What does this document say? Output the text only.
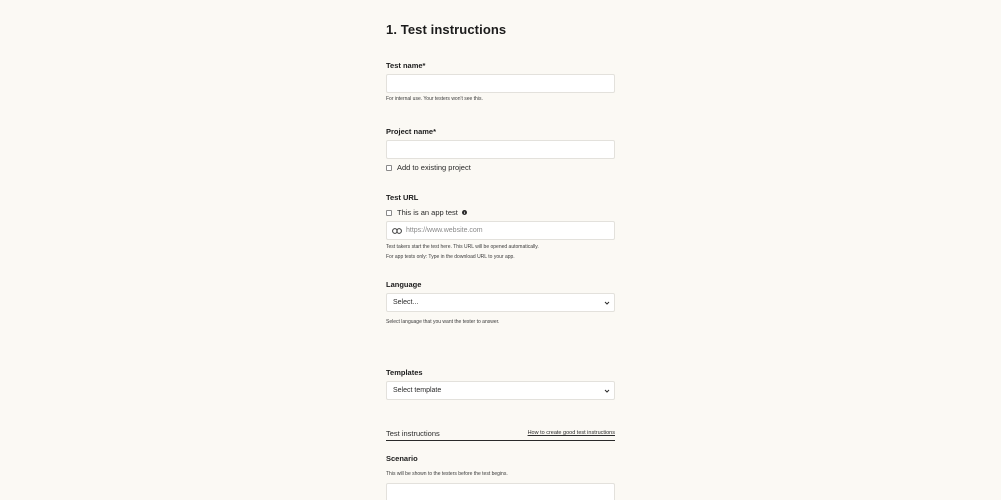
1. Test instructions
Test name*
For internal use. Your testers won't see this.
Project name*
Add to existing project
Test URL
This is an app test	i
https://www.website.com
Test takers start the test here. This URL will be opened automatically.
For app tests only: Type in the download URL to your app.
Language
Select...
Select language that you want the tester to answer.
Templates
Select template
Test instructions	How to create good test instructions
Scenario
This will be shown to the testers before the test begins.
